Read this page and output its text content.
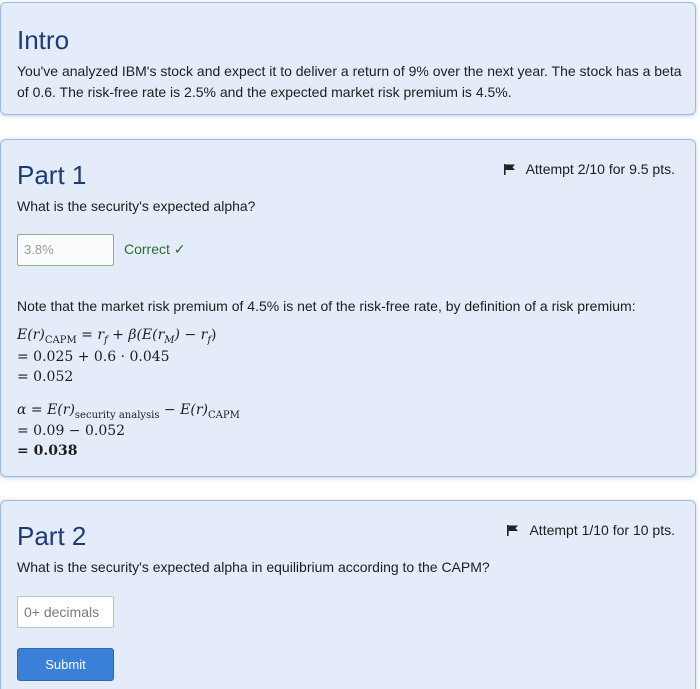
Intro
You've analyzed IBM's stock and expect it to deliver a return of 9% over the next year. The stock has a beta of 0.6. The risk-free rate is 2.5% and the expected market risk premium is 4.5%.
Part 1	Attempt 2/10 for 9.5 pts.
What is the security's expected alpha?
3.8%	Correct ✓
Note that the market risk premium of 4.5% is net of the risk-free rate, by definition of a risk premium:
$E(r)_{CAPM} = r_f + \beta(E(r_M) - r_f)$
= 0.025 + 0.6 · 0.045
= 0.052
$\alpha = E(r)_{security analysis} - E(r)_{CAPM}$
= 0.09 − 0.052
= 0.038
Part 2	Attempt 1/10 for 10 pts.
What is the security's expected alpha in equilibrium according to the CAPM?
0+ decimals
Submit
